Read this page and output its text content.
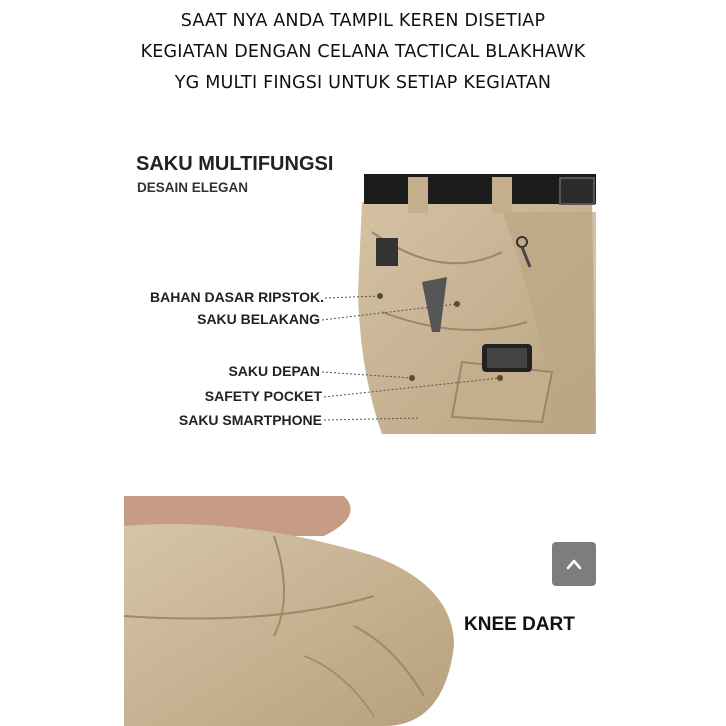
SAAT NYA ANDA TAMPIL KEREN DISETIAP
KEGIATAN DENGAN CELANA TACTICAL BLAKHAWK
YG MULTI FINGSI UNTUK SETIAP KEGIATAN
SAKU MULTIFUNGSI
DESAIN ELEGAN
BAHAN DASAR RIPSTOK.
SAKU BELAKANG
SAKU DEPAN
SAFETY POCKET
SAKU SMARTPHONE
KNEE DART
